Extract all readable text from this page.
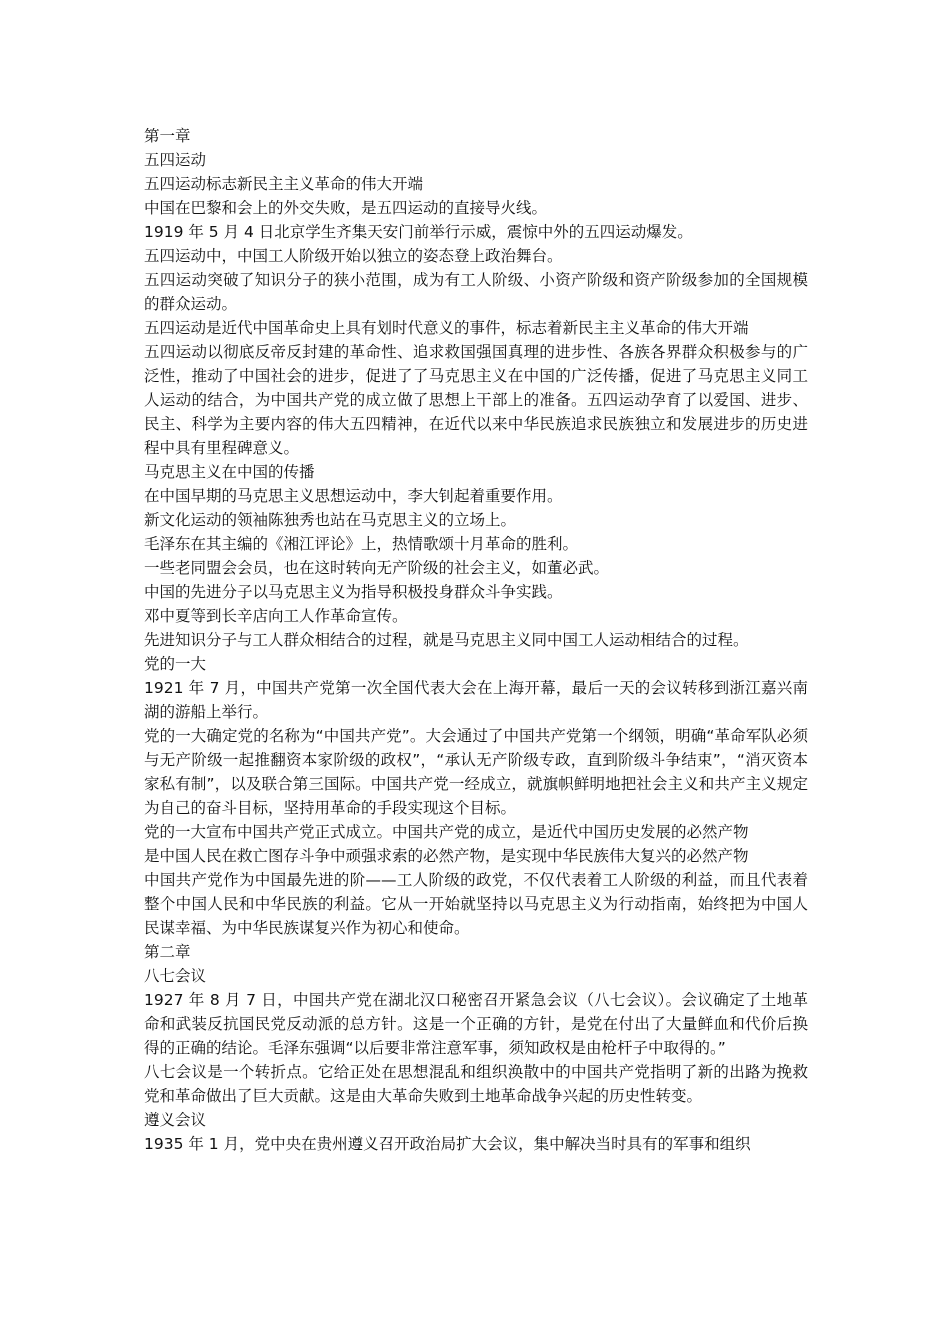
第一章

五四运动

五四运动标志新民主主义革命的伟大开端

中国在巴黎和会上的外交失败，是五四运动的直接导火线。

1919 年 5 月 4 日北京学生齐集天安门前举行示威，震惊中外的五四运动爆发。

五四运动中，中国工人阶级开始以独立的姿态登上政治舞台。

五四运动突破了知识分子的狭小范围，成为有工人阶级、小资产阶级和资产阶级参加的全国规模的群众运动。

五四运动是近代中国革命史上具有划时代意义的事件，标志着新民主主义革命的伟大开端

五四运动以彻底反帝反封建的革命性、追求救国强国真理的进步性、各族各界群众积极参与的广泛性，推动了中国社会的进步，促进了了马克思主义在中国的广泛传播，促进了马克思主义同工人运动的结合，为中国共产党的成立做了思想上干部上的准备。五四运动孕育了以爱国、进步、民主、科学为主要内容的伟大五四精神，在近代以来中华民族追求民族独立和发展进步的历史进程中具有里程碑意义。

马克思主义在中国的传播

在中国早期的马克思主义思想运动中，李大钊起着重要作用。

新文化运动的领袖陈独秀也站在马克思主义的立场上。

毛泽东在其主编的《湘江评论》上，热情歌颂十月革命的胜利。

一些老同盟会会员，也在这时转向无产阶级的社会主义，如董必武。

中国的先进分子以马克思主义为指导积极投身群众斗争实践。

邓中夏等到长辛店向工人作革命宣传。

先进知识分子与工人群众相结合的过程，就是马克思主义同中国工人运动相结合的过程。

党的一大

1921 年 7 月，中国共产党第一次全国代表大会在上海开幕，最后一天的会议转移到浙江嘉兴南湖的游船上举行。

党的一大确定党的名称为“中国共产党”。大会通过了中国共产党第一个纲领，明确“革命军队必须与无产阶级一起推翻资本家阶级的政权”，“承认无产阶级专政，直到阶级斗争结束”，“消灭资本家私有制”，以及联合第三国际。中国共产党一经成立，就旗帜鲜明地把社会主义和共产主义规定为自己的奋斗目标，坚持用革命的手段实现这个目标。

党的一大宣布中国共产党正式成立。中国共产党的成立，是近代中国历史发展的必然产物

是中国人民在救亡图存斗争中顽强求索的必然产物，是实现中华民族伟大复兴的必然产物

中国共产党作为中国最先进的阶——工人阶级的政党，不仅代表着工人阶级的利益，而且代表着整个中国人民和中华民族的利益。它从一开始就坚持以马克思主义为行动指南，始终把为中国人民谋幸福、为中华民族谋复兴作为初心和使命。

第二章

八七会议

1927 年 8 月 7 日，中国共产党在湖北汉口秘密召开紧急会议（八七会议）。会议确定了土地革命和武装反抗国民党反动派的总方针。这是一个正确的方针，是党在付出了大量鲜血和代价后换得的正确的结论。毛泽东强调“以后要非常注意军事，须知政权是由枪杆子中取得的。”

八七会议是一个转折点。它给正处在思想混乱和组织涣散中的中国共产党指明了新的出路为挽救党和革命做出了巨大贡献。这是由大革命失败到土地革命战争兴起的历史性转变。

遵义会议

1935 年 1 月，党中央在贵州遵义召开政治局扩大会议，集中解决当时具有的军事和组织
